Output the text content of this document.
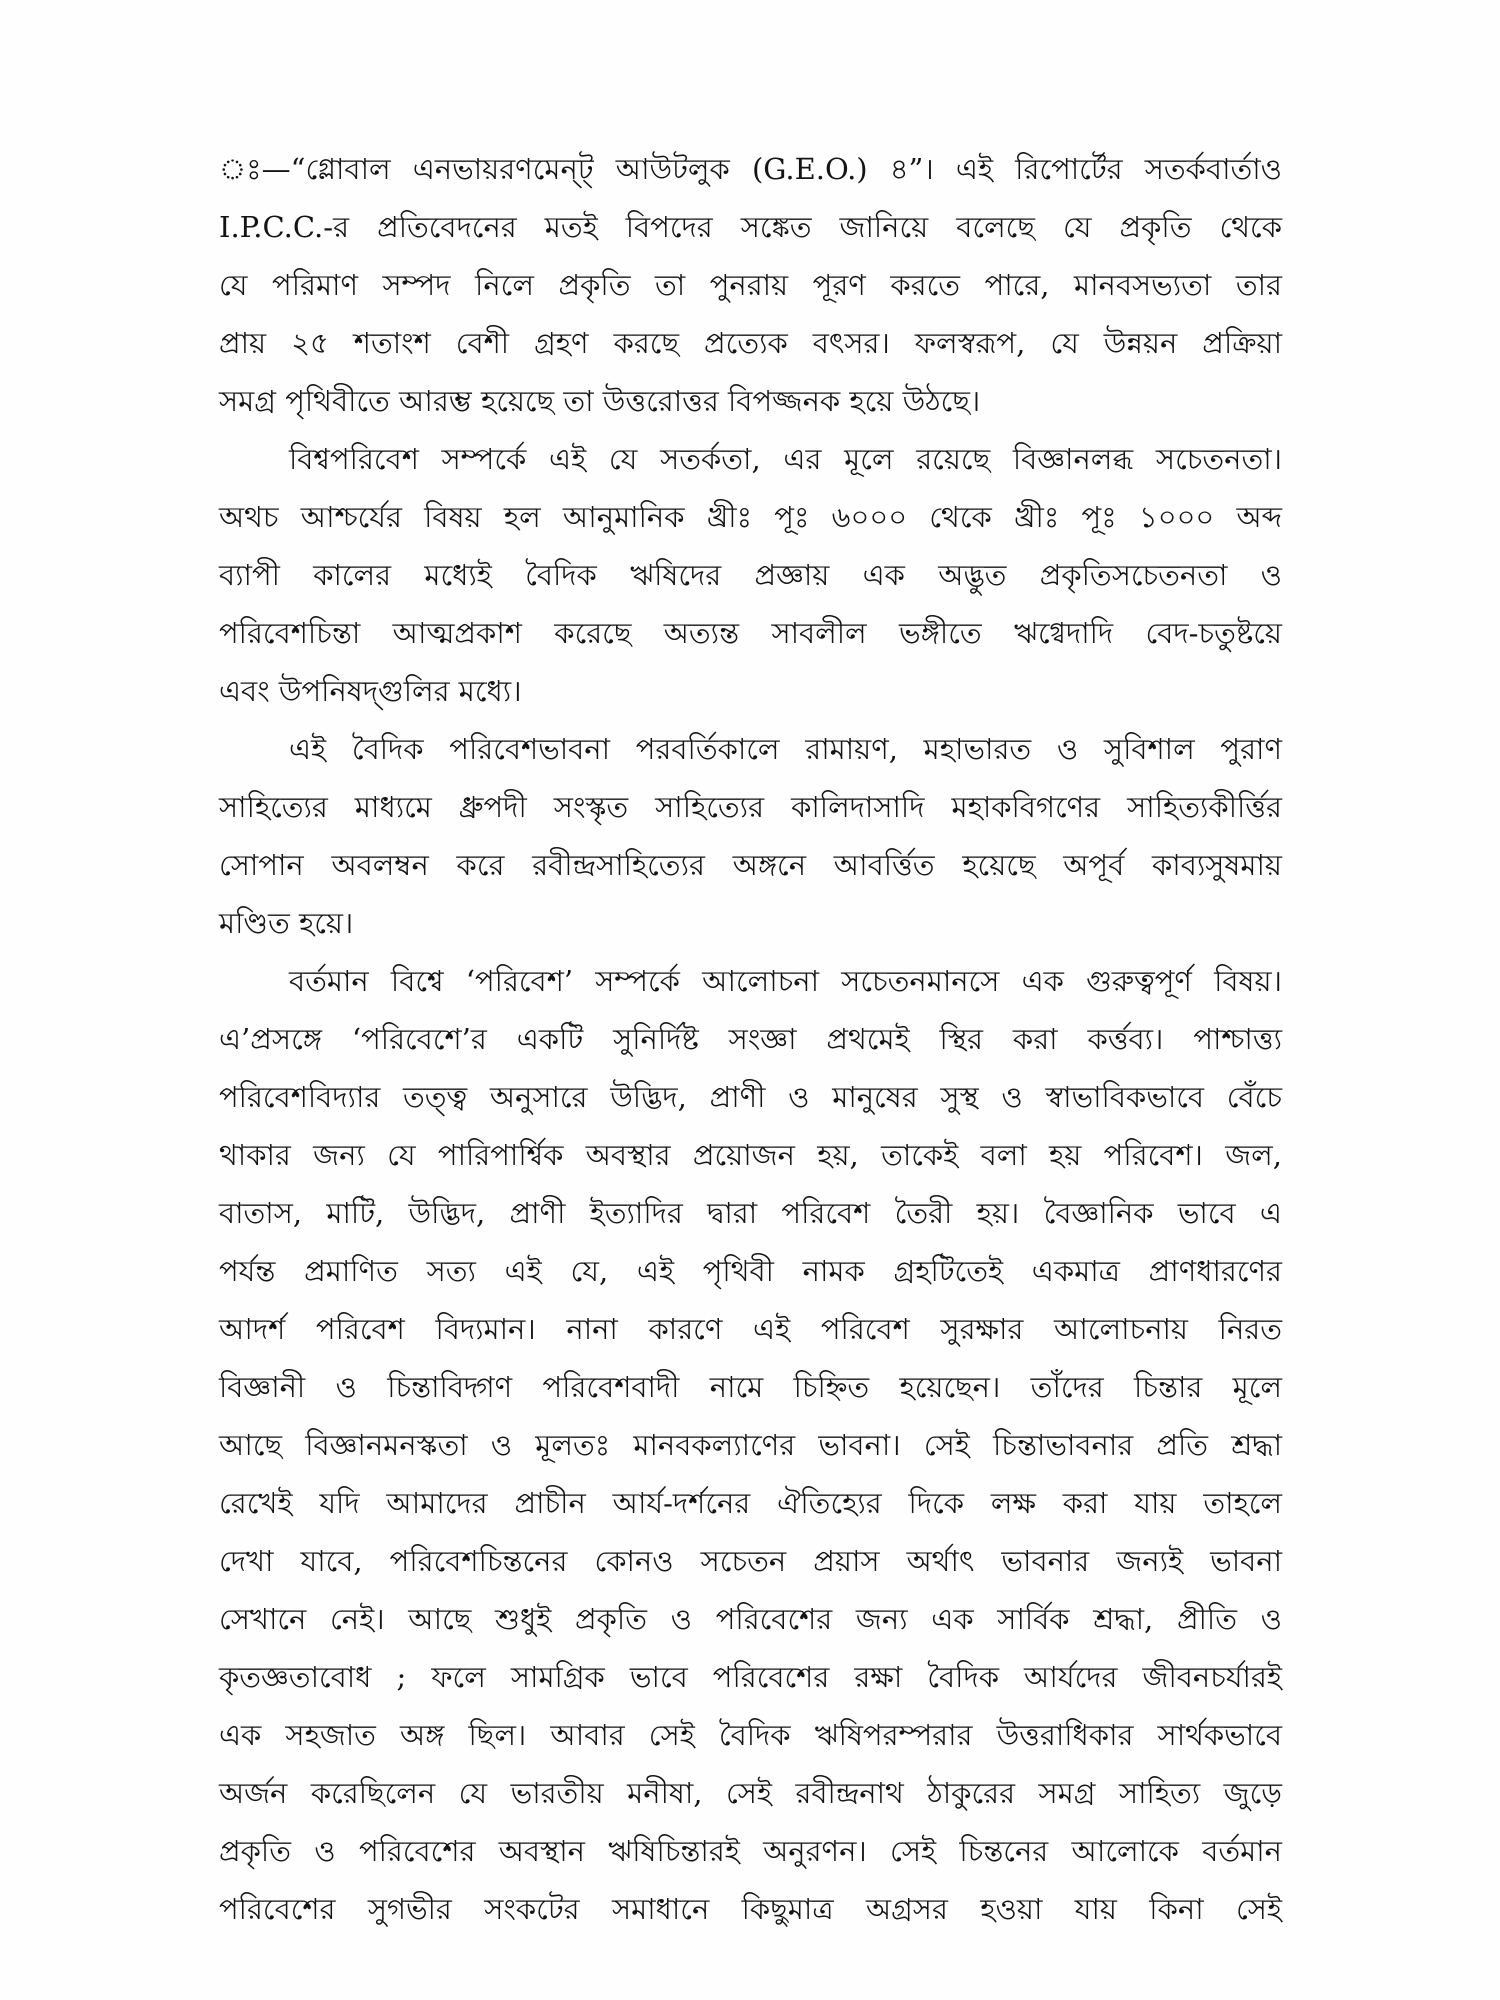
ঃ—“গ্লোবাল এনভায়রণমেন্ট্ আউটলুক (G.E.O.) ৪”। এই রিপোর্টের সতর্কবার্তাও
I.P.C.C.-র প্রতিবেদনের মতই বিপদের সঙ্কেত জানিয়ে বলেছে যে প্রকৃতি থেকে
যে পরিমাণ সম্পদ নিলে প্রকৃতি তা পুনরায় পূরণ করতে পারে, মানবসভ্যতা তার
প্রায় ২৫ শতাংশ বেশী গ্রহণ করছে প্রত্যেক বৎসর। ফলস্বরূপ, যে উন্নয়ন প্রক্রিয়া
সমগ্র পৃথিবীতে আরম্ভ হয়েছে তা উত্তরোত্তর বিপজ্জনক হয়ে উঠছে।
বিশ্বপরিবেশ সম্পর্কে এই যে সতর্কতা, এর মূলে রয়েছে বিজ্ঞানলব্ধ সচেতনতা।
অথচ আশ্চর্যের বিষয় হল আনুমানিক খ্রীঃ পূঃ ৬০০০ থেকে খ্রীঃ পূঃ ১০০০ অব্দ
ব্যাপী কালের মধ্যেই বৈদিক ঋষিদের প্রজ্ঞায় এক অদ্ভুত প্রকৃতিসচেতনতা ও
পরিবেশচিন্তা আত্মপ্রকাশ করেছে অত্যন্ত সাবলীল ভঙ্গীতে ঋগ্বেদাদি বেদ-চতুষ্টয়ে
এবং উপনিষদ্গুলির মধ্যে।
এই বৈদিক পরিবেশভাবনা পরবর্তিকালে রামায়ণ, মহাভারত ও সুবিশাল পুরাণ
সাহিত্যের মাধ্যমে ধ্রুপদী সংস্কৃত সাহিত্যের কালিদাসাদি মহাকবিগণের সাহিত্যকীর্ত্তির
সোপান অবলম্বন করে রবীন্দ্রসাহিত্যের অঙ্গনে আবর্ত্তিত হয়েছে অপূর্ব কাব্যসুষমায়
মণ্ডিত হয়ে।
বর্তমান বিশ্বে ‘পরিবেশ’ সম্পর্কে আলোচনা সচেতনমানসে এক গুরুত্বপূর্ণ বিষয়।
এ’প্রসঙ্গে ‘পরিবেশে’র একটি সুনির্দিষ্ট সংজ্ঞা প্রথমেই স্থির করা কর্ত্তব্য। পাশ্চাত্ত্য
পরিবেশবিদ্যার তত্ত্ব অনুসারে উদ্ভিদ, প্রাণী ও মানুষের সুস্থ ও স্বাভাবিকভাবে বেঁচে
থাকার জন্য যে পারিপার্শ্বিক অবস্থার প্রয়োজন হয়, তাকেই বলা হয় পরিবেশ। জল,
বাতাস, মাটি, উদ্ভিদ, প্রাণী ইত্যাদির দ্বারা পরিবেশ তৈরী হয়। বৈজ্ঞানিক ভাবে এ
পর্যন্ত প্রমাণিত সত্য এই যে, এই পৃথিবী নামক গ্রহটিতেই একমাত্র প্রাণধারণের
আদর্শ পরিবেশ বিদ্যমান। নানা কারণে এই পরিবেশ সুরক্ষার আলোচনায় নিরত
বিজ্ঞানী ও চিন্তাবিদ্গণ পরিবেশবাদী নামে চিহ্নিত হয়েছেন। তাঁদের চিন্তার মূলে
আছে বিজ্ঞানমনস্কতা ও মূলতঃ মানবকল্যাণের ভাবনা। সেই চিন্তাভাবনার প্রতি শ্রদ্ধা
রেখেই যদি আমাদের প্রাচীন আর্য-দর্শনের ঐতিহ্যের দিকে লক্ষ করা যায় তাহলে
দেখা যাবে, পরিবেশচিন্তনের কোনও সচেতন প্রয়াস অর্থাৎ ভাবনার জন্যই ভাবনা
সেখানে নেই। আছে শুধুই প্রকৃতি ও পরিবেশের জন্য এক সার্বিক শ্রদ্ধা, প্রীতি ও
কৃতজ্ঞতাবোধ ; ফলে সামগ্রিক ভাবে পরিবেশের রক্ষা বৈদিক আর্যদের জীবনচর্যারই
এক সহজাত অঙ্গ ছিল। আবার সেই বৈদিক ঋষিপরম্পরার উত্তরাধিকার সার্থকভাবে
অর্জন করেছিলেন যে ভারতীয় মনীষা, সেই রবীন্দ্রনাথ ঠাকুরের সমগ্র সাহিত্য জুড়ে
প্রকৃতি ও পরিবেশের অবস্থান ঋষিচিন্তারই অনুরণন। সেই চিন্তনের আলোকে বর্তমান
পরিবেশের সুগভীর সংকটের সমাধানে কিছুমাত্র অগ্রসর হওয়া যায় কিনা সেই
